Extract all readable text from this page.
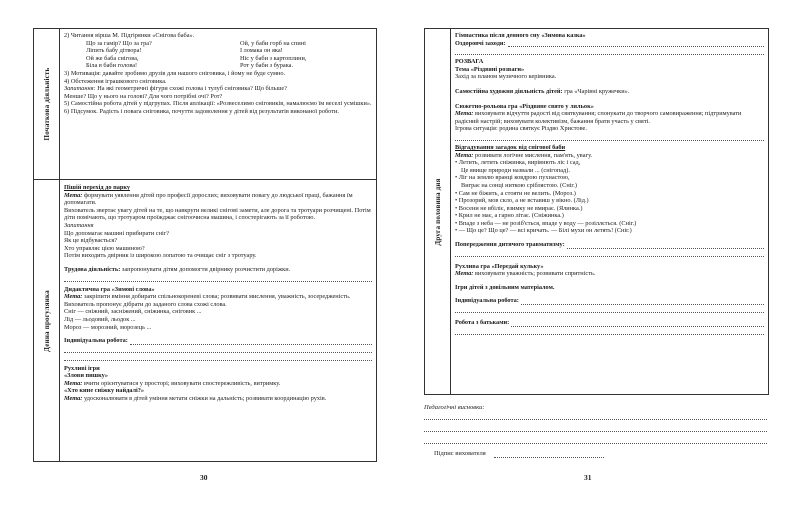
Початкова діяльність
Денна прогулянка

2) Читання вірша М. Підгірянки «Снігова баба».

Що за гамір? Що за гра?

Ліпить бабу дітвора!

Ой же баба снігова,

Біла в баби голова!

Ой, у баби горб на спині

І ломака он яка!

Ніс у баби з картоплини,

Рот у баби з бурака.

3) Мотивація: давайте зробимо друзів для нашого сніговика, і йому не буде сумно.

4) Обстеження іграшкового сніговика.

Запитання: На які геометричні фігури схожі голова і тулуб сніговика? Що більше?

Менше? Що у нього на голові? Для чого потрібні очі? Рот?

5) Самостійна робота дітей у підгрупах. Після аплікації: «Розвеселимо сніговиків, намалюємо їм веселі усмішки».

6) Підсумок. Радість і повага сніговика, почуття задоволення у дітей від результатів виконаної роботи.

Пішій перехід до парку

Мета: формувати уявлення дітей про професії дорослих; виховувати повагу до людської праці, бажання їм допомагати.

Вихователь звертає увагу дітей на те, що навкруги великі снігові замети, але дорога та тротуари розчищені. Потім діти помічають, що тротуаром проїжджає снігоочисна машина, і спостерігають за її роботою.

Запитання

Що допомагає машині прибирати сніг?

Як це відбувається?

Хто управляє цією машиною?

Потім виходить двірник із широкою лопатою та очищає сніг з тротуару.

Трудова діяльність: запропонувати дітям допомогти двірнику розчистити доріжки.

Дидактична гра «Зимові слова»

Мета: закріпити вміння добирати спільнокореневі слова; розвивати мислення, уважність, зосередженість.

Вихователь пропонує дібрати до заданого слова схожі слова.

Сніг — сніжний, засніжений, сніжинка, сніговик ...

Лід — льодовий, льодок ...

Мороз — морозний, морозець ...

Індивідуальна робота:

Рухливі ігри

«Злови пишку»

Мета: вчити орієнтуватися у просторі; виховувати спостережливість, витримку.

«Хто кине сніжку найдалі?»

Мета: удосконалювати в дітей уміння метати сніжки на дальність; розвивати координацію рухів.

30
Друга половина дня

Гімнастика після денного сну «Зимова казка»

Оздоровчі заходи:

РОЗВАГА

Тема «Різдвяні розваги»

Захід за планом музичного керівника.

Самостійна художня діяльність дітей: гра «Чарівні кружечки».

Сюжетно-рольова гра «Різдвяне свято у ляльок»

Мета: виховувати відчуття радості від святкування; спонукати до творчого самовираження; підтримувати радісний настрій; виховувати колективізм, бажання брати участь у святі.

Ігрова ситуація: родина святкує Різдво Христове.

Відгадування загадок від снігової баби

Мета: розвивати логічне мислення, пам'ять, увагу.

• Летить, летить сніжинка, вирівнють ліс і сад,

Це явище природи назвали ... (снігопад).

• Ліг на землю вранці ковдрою пухнастою,

Виграє на сонці ниткою сріблястою. (Сніг.)

• Сам не біжить, а стояти не велить. (Мороз.)

• Прозорий, мов скло, а не вставиш у вікно. (Лід.)

• Восени не вбіліє, взимку не вмирає. (Ялинка.)

• Крил не має, а гарно літає. (Сніжинка.)

• Впаде з неба — не розіб'ється, впаде у воду — розіллється. (Сніг.)

• — Що це? Що це? — всі кричать. — Білі мухи он летять! (Сніг.)

Попередження дитячого травматизму:

Рухлива гра «Передай кульку»

Мета: виховувати уважність; розвивати спритність.

Ігри дітей з довільним матеріалом.

Індивідуальна робота:
Робота з батьками:

Педагогічні висновки:

Підпис вихователя
31
